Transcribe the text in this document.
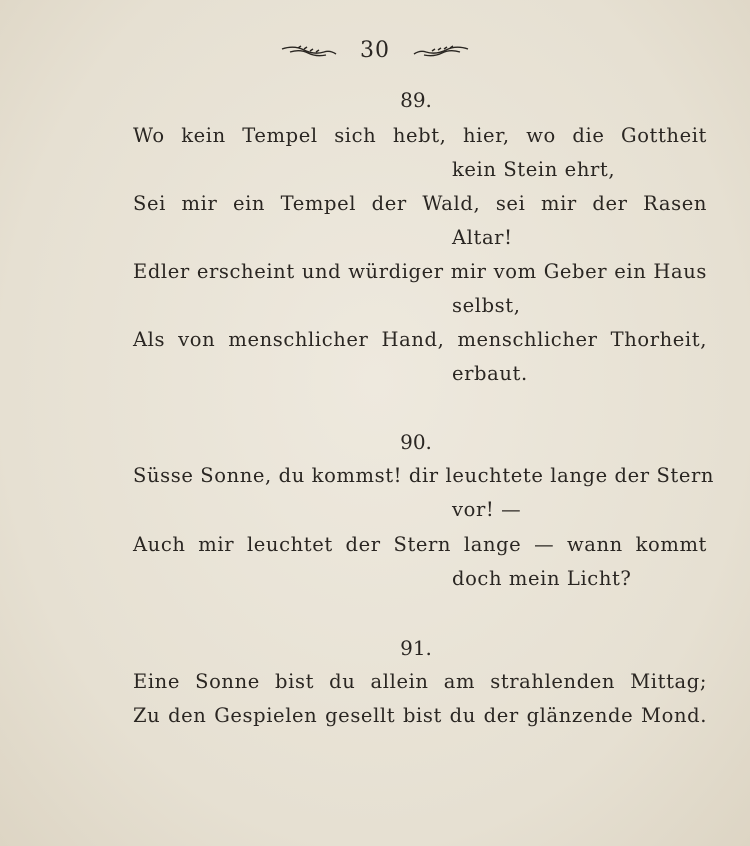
30
89.
Wo kein Tempel sich hebt, hier, wo die Gottheit
kein Stein ehrt,
Sei mir ein Tempel der Wald, sei mir der Rasen
Altar!
Edler erscheint und würdiger mir vom Geber ein Haus
selbst,
Als von menschlicher Hand, menschlicher Thorheit,
erbaut.
90.
Süsse Sonne, du kommst! dir leuchtete lange der Stern
vor! —
Auch mir leuchtet der Stern lange — wann kommt
doch mein Licht?
91.
Eine Sonne bist du allein am strahlenden Mittag;
Zu den Gespielen gesellt bist du der glänzende Mond.
